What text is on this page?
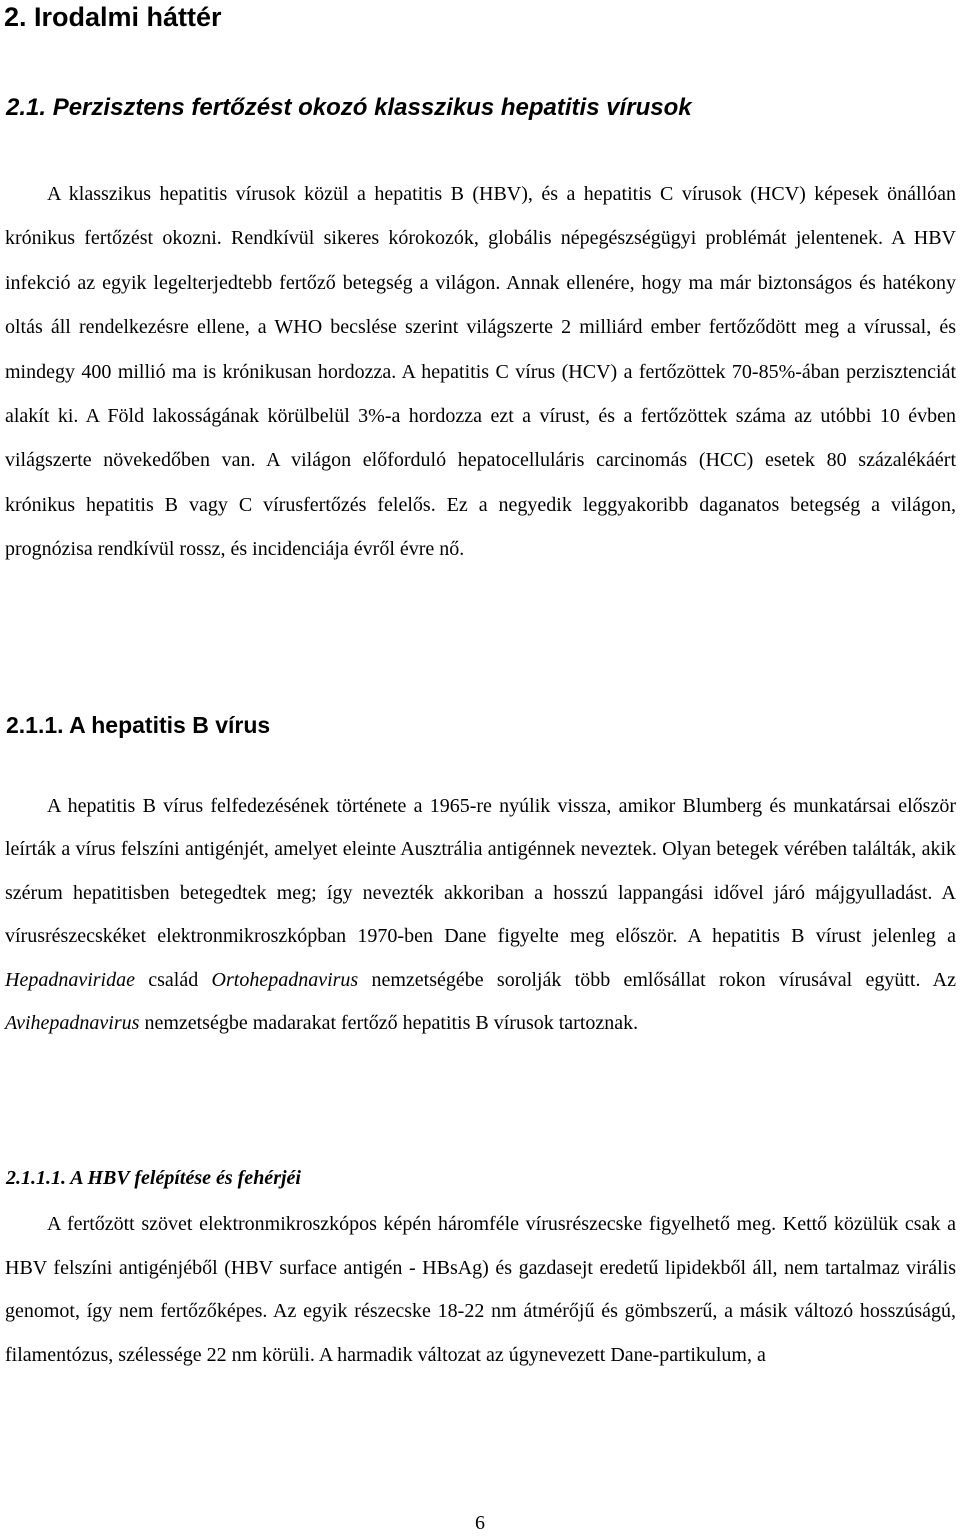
2. Irodalmi háttér
2.1. Perzisztens fertőzést okozó klasszikus hepatitis vírusok

A klasszikus hepatitis vírusok közül a hepatitis B (HBV), és a hepatitis C vírusok (HCV) képesek önállóan krónikus fertőzést okozni. Rendkívül sikeres kórokozók, globális népegészségügyi problémát jelentenek. A HBV infekció az egyik legelterjedtebb fertőző betegség a világon. Annak ellenére, hogy ma már biztonságos és hatékony oltás áll rendelkezésre ellene, a WHO becslése szerint világszerte 2 milliárd ember fertőződött meg a vírussal, és mindegy 400 millió ma is krónikusan hordozza. A hepatitis C vírus (HCV) a fertőzöttek 70-85%-ában perzisztenciát alakít ki. A Föld lakosságának körülbelül 3%-a hordozza ezt a vírust, és a fertőzöttek száma az utóbbi 10 évben világszerte növekedőben van. A világon előforduló hepatocelluláris carcinomás (HCC) esetek 80 százalékáért krónikus hepatitis B vagy C vírusfertőzés felelős. Ez a negyedik leggyakoribb daganatos betegség a világon, prognózisa rendkívül rossz, és incidenciája évről évre nő.

2.1.1. A hepatitis B vírus

A hepatitis B vírus felfedezésének története a 1965-re nyúlik vissza, amikor Blumberg és munkatársai először leírták a vírus felszíni antigénjét, amelyet eleinte Ausztrália antigénnek neveztek. Olyan betegek vérében találták, akik szérum hepatitisben betegedtek meg; így nevezték akkoriban a hosszú lappangási idővel járó májgyulladást. A vírusrészecskéket elektronmikroszkópban 1970-ben Dane figyelte meg először. A hepatitis B vírust jelenleg a Hepadnaviridae család Ortohepadnavirus nemzetségébe sorolják több emlősállat rokon vírusával együtt. Az Avihepadnavirus nemzetségbe madarakat fertőző hepatitis B vírusok tartoznak.

2.1.1.1. A HBV felépítése és fehérjéi

A fertőzött szövet elektronmikroszkópos képén háromféle vírusrészecske figyelhető meg. Kettő közülük csak a HBV felszíni antigénjéből (HBV surface antigén - HBsAg) és gazdasejt eredetű lipidekből áll, nem tartalmaz virális genomot, így nem fertőzőképes. Az egyik részecske 18-22 nm átmérőjű és gömbszerű, a másik változó hosszúságú, filamentózus, szélessége 22 nm körüli. A harmadik változat az úgynevezett Dane-partikulum, a

6
